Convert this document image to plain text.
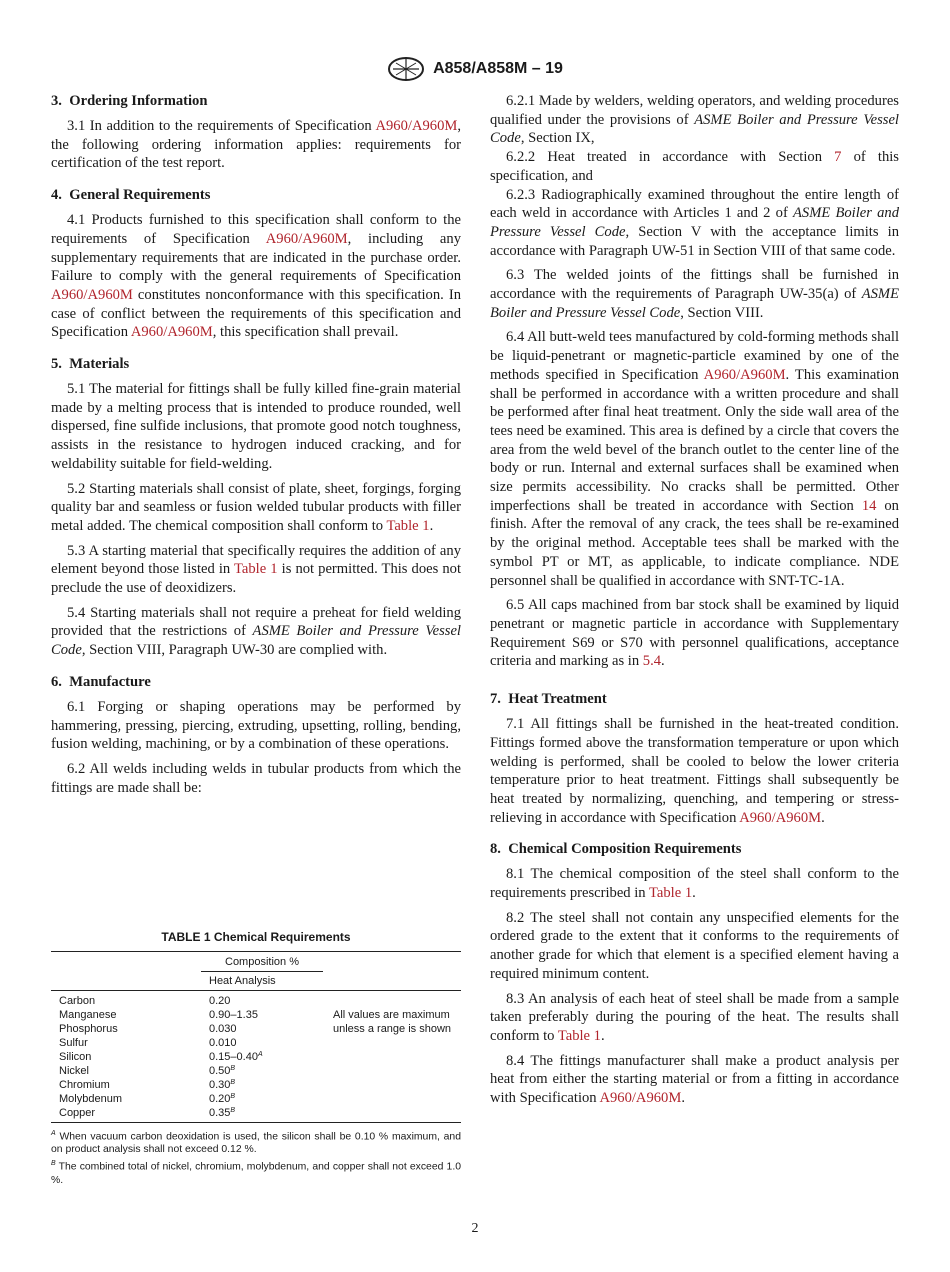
A858/A858M – 19
3. Ordering Information

3.1 In addition to the requirements of Specification A960/A960M, the following ordering information applies: requirements for certification of the test report.

4. General Requirements

4.1 Products furnished to this specification shall conform to the requirements of Specification A960/A960M, including any supplementary requirements that are indicated in the purchase order. Failure to comply with the general requirements of Specification A960/A960M constitutes nonconformance with this specification. In case of conflict between the requirements of this specification and Specification A960/A960M, this specification shall prevail.

5. Materials

5.1 The material for fittings shall be fully killed fine-grain material made by a melting process that is intended to produce rounded, well dispersed, fine sulfide inclusions, that promote good notch toughness, assists in the resistance to hydrogen induced cracking, and for weldability suitable for field-welding.

5.2 Starting materials shall consist of plate, sheet, forgings, forging quality bar and seamless or fusion welded tubular products with filler metal added. The chemical composition shall conform to Table 1.

5.3 A starting material that specifically requires the addition of any element beyond those listed in Table 1 is not permitted. This does not preclude the use of deoxidizers.

5.4 Starting materials shall not require a preheat for field welding provided that the restrictions of ASME Boiler and Pressure Vessel Code, Section VIII, Paragraph UW-30 are complied with.

6. Manufacture

6.1 Forging or shaping operations may be performed by hammering, pressing, piercing, extruding, upsetting, rolling, bending, fusion welding, machining, or by a combination of these operations.

6.2 All welds including welds in tubular products from which the fittings are made shall be:

TABLE 1 Chemical Requirements
Composition %
Heat Analysis
Carbon	0.20
Manganese	0.90–1.35
Phosphorus	0.030
Sulfur	0.010
Silicon	$0.15-0.40^A$
Nickel	$0.50^B$
Chromium	$0.30^B$
Molybdenum	$0.20^B$
Copper	$0.35^B$
All values are maximum unless a range is shown

$^A$ When vacuum carbon deoxidation is used, the silicon shall be 0.10 % maximum, and on product analysis shall not exceed 0.12 %.

$^B$ The combined total of nickel, chromium, molybdenum, and copper shall not exceed 1.0 %.

6.2.1 Made by welders, welding operators, and welding procedures qualified under the provisions of ASME Boiler and Pressure Vessel Code, Section IX,

6.2.2 Heat treated in accordance with Section 7 of this specification, and

6.2.3 Radiographically examined throughout the entire length of each weld in accordance with Articles 1 and 2 of ASME Boiler and Pressure Vessel Code, Section V with the acceptance limits in accordance with Paragraph UW-51 in Section VIII of that same code.

6.3 The welded joints of the fittings shall be furnished in accordance with the requirements of Paragraph UW-35(a) of ASME Boiler and Pressure Vessel Code, Section VIII.

6.4 All butt-weld tees manufactured by cold-forming methods shall be liquid-penetrant or magnetic-particle examined by one of the methods specified in Specification A960/A960M. This examination shall be performed in accordance with a written procedure and shall be performed after final heat treatment. Only the side wall area of the tees need be examined. This area is defined by a circle that covers the area from the weld bevel of the branch outlet to the center line of the body or run. Internal and external surfaces shall be examined when size permits accessibility. No cracks shall be permitted. Other imperfections shall be treated in accordance with Section 14 on finish. After the removal of any crack, the tees shall be re-examined by the original method. Acceptable tees shall be marked with the symbol PT or MT, as applicable, to indicate compliance. NDE personnel shall be qualified in accordance with SNT-TC-1A.

6.5 All caps machined from bar stock shall be examined by liquid penetrant or magnetic particle in accordance with Supplementary Requirement S69 or S70 with personnel qualifications, acceptance criteria and marking as in 5.4.

7. Heat Treatment

7.1 All fittings shall be furnished in the heat-treated condition. Fittings formed above the transformation temperature or upon which welding is performed, shall be cooled to below the lower criteria temperature prior to heat treatment. Fittings shall subsequently be heat treated by normalizing, quenching, and tempering or stress-relieving in accordance with Specification A960/A960M.

8. Chemical Composition Requirements

8.1 The chemical composition of the steel shall conform to the requirements prescribed in Table 1.

8.2 The steel shall not contain any unspecified elements for the ordered grade to the extent that it conforms to the requirements of another grade for which that element is a specified element having a required minimum content.

8.3 An analysis of each heat of steel shall be made from a sample taken preferably during the pouring of the heat. The results shall conform to Table 1.

8.4 The fittings manufacturer shall make a product analysis per heat from either the starting material or from a fitting in accordance with Specification A960/A960M.

2
